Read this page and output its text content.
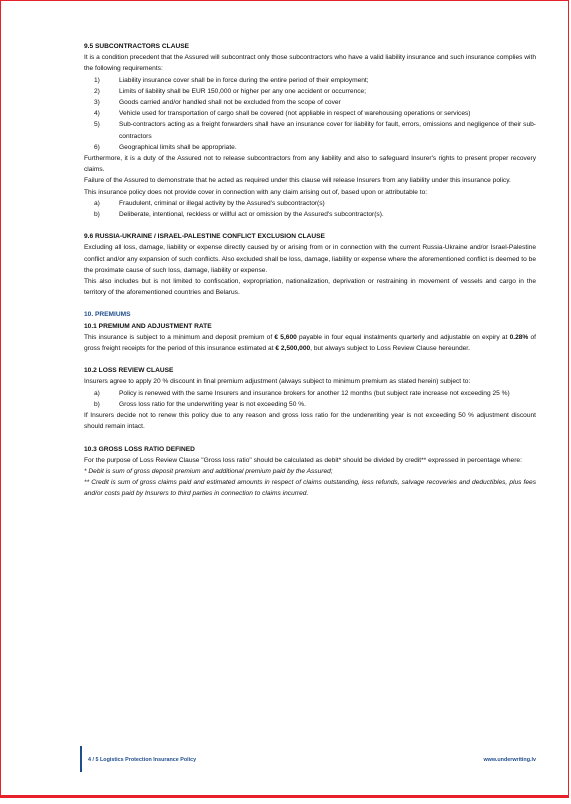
9.5 SUBCONTRACTORS CLAUSE

It is a condition precedent that the Assured will subcontract only those subcontractors who have a valid liability insurance and such insurance complies with the following requirements:

1)	Liability insurance cover shall be in force during the entire period of their employment;
2)	Limits of liability shall be EUR 150,000 or higher per any one accident or occurrence;
3)	Goods carried and/or handled shall not be excluded from the scope of cover
4)	Vehicle used for transportation of cargo shall be covered (not appliable in respect of warehousing operations or services)
5)	Sub-contractors acting as a freight forwarders shall have an insurance cover for liability for fault, errors, omissions and negligence of their sub-contractors
6)	Geographical limits shall be appropriate.

Furthermore, it is a duty of the Assured not to release subcontractors from any liability and also to safeguard Insurer's rights to present proper recovery claims.

Failure of the Assured to demonstrate that he acted as required under this clause will release Insurers from any liability under this insurance policy.

This insurance policy does not provide cover in connection with any claim arising out of, based upon or attributable to:

a)	Fraudulent, criminal or illegal activity by the Assured's subcontractor(s)
b)	Deliberate, intentional, reckless or willful act or omission by the Assured's subcontractor(s).

9.6 RUSSIA-UKRAINE / ISRAEL-PALESTINE CONFLICT EXCLUSION CLAUSE

Excluding all loss, damage, liability or expense directly caused by or arising from or in connection with the current Russia-Ukraine and/or Israel-Palestine conflict and/or any expansion of such conflicts. Also excluded shall be loss, damage, liability or expense where the aforementioned conflict is deemed to be the proximate cause of such loss, damage, liability or expense.

This also includes but is not limited to confiscation, expropriation, nationalization, deprivation or restraining in movement of vessels and cargo in the territory of the aforementioned countries and Belarus.

10. PREMIUMS

10.1 PREMIUM AND ADJUSTMENT RATE

This insurance is subject to a minimum and deposit premium of € 5,600 payable in four equal instalments quarterly and adjustable on expiry at 0.28% of gross freight receipts for the period of this insurance estimated at € 2,500,000, but always subject to Loss Review Clause hereunder.

10.2 LOSS REVIEW CLAUSE

Insurers agree to apply 20 % discount in final premium adjustment (always subject to minimum premium as stated herein) subject to:

a)	Policy is renewed with the same Insurers and insurance brokers for another 12 months (but subject rate increase not exceeding 25 %)
b)	Gross loss ratio for the underwriting year is not exceeding 50 %.

If Insurers decide not to renew this policy due to any reason and gross loss ratio for the underwriting year is not exceeding 50 % adjustment discount should remain intact.

10.3 GROSS LOSS RATIO DEFINED

For the purpose of Loss Review Clause "Gross loss ratio" should be calculated as debit* should be divided by credit** expressed in percentage where:

* Debit is sum of gross deposit premium and additional premium paid by the Assured;

** Credit is sum of gross claims paid and estimated amounts in respect of claims outstanding, less refunds, salvage recoveries and deductibles, plus fees and/or costs paid by Insurers to third parties in connection to claims incurred.

4 / 5 Logistics Protection Insurance Policy	www.underwriting.lv
